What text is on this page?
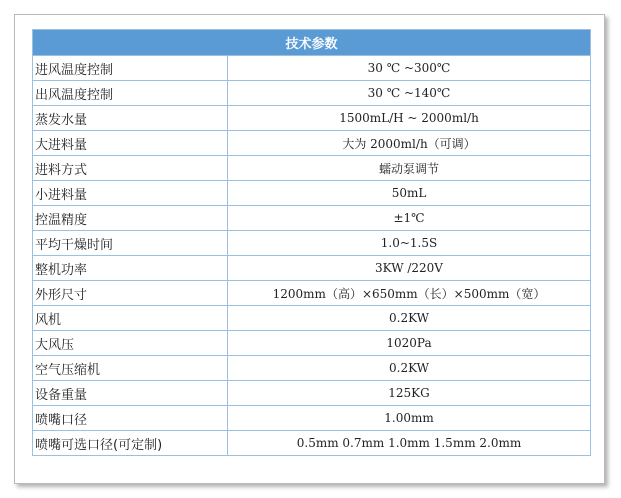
技术参数	
进风温度控制	30 ℃ ~300℃
出风温度控制	30 ℃ ~140℃
蒸发水量	1500mL/H ~ 2000ml/h
大进料量	大为 2000ml/h（可调）
进料方式	蠕动泵调节
小进料量	50mL
控温精度	±1℃
平均干燥时间	1.0~1.5S
整机功率	3KW /220V
外形尺寸	1200mm（高）×650mm（长）×500mm（宽）
风机	0.2KW
大风压	1020Pa
空气压缩机	0.2KW
设备重量	125KG
喷嘴口径	1.00mm
喷嘴可选口径(可定制)	0.5mm 0.7mm 1.0mm 1.5mm 2.0mm
